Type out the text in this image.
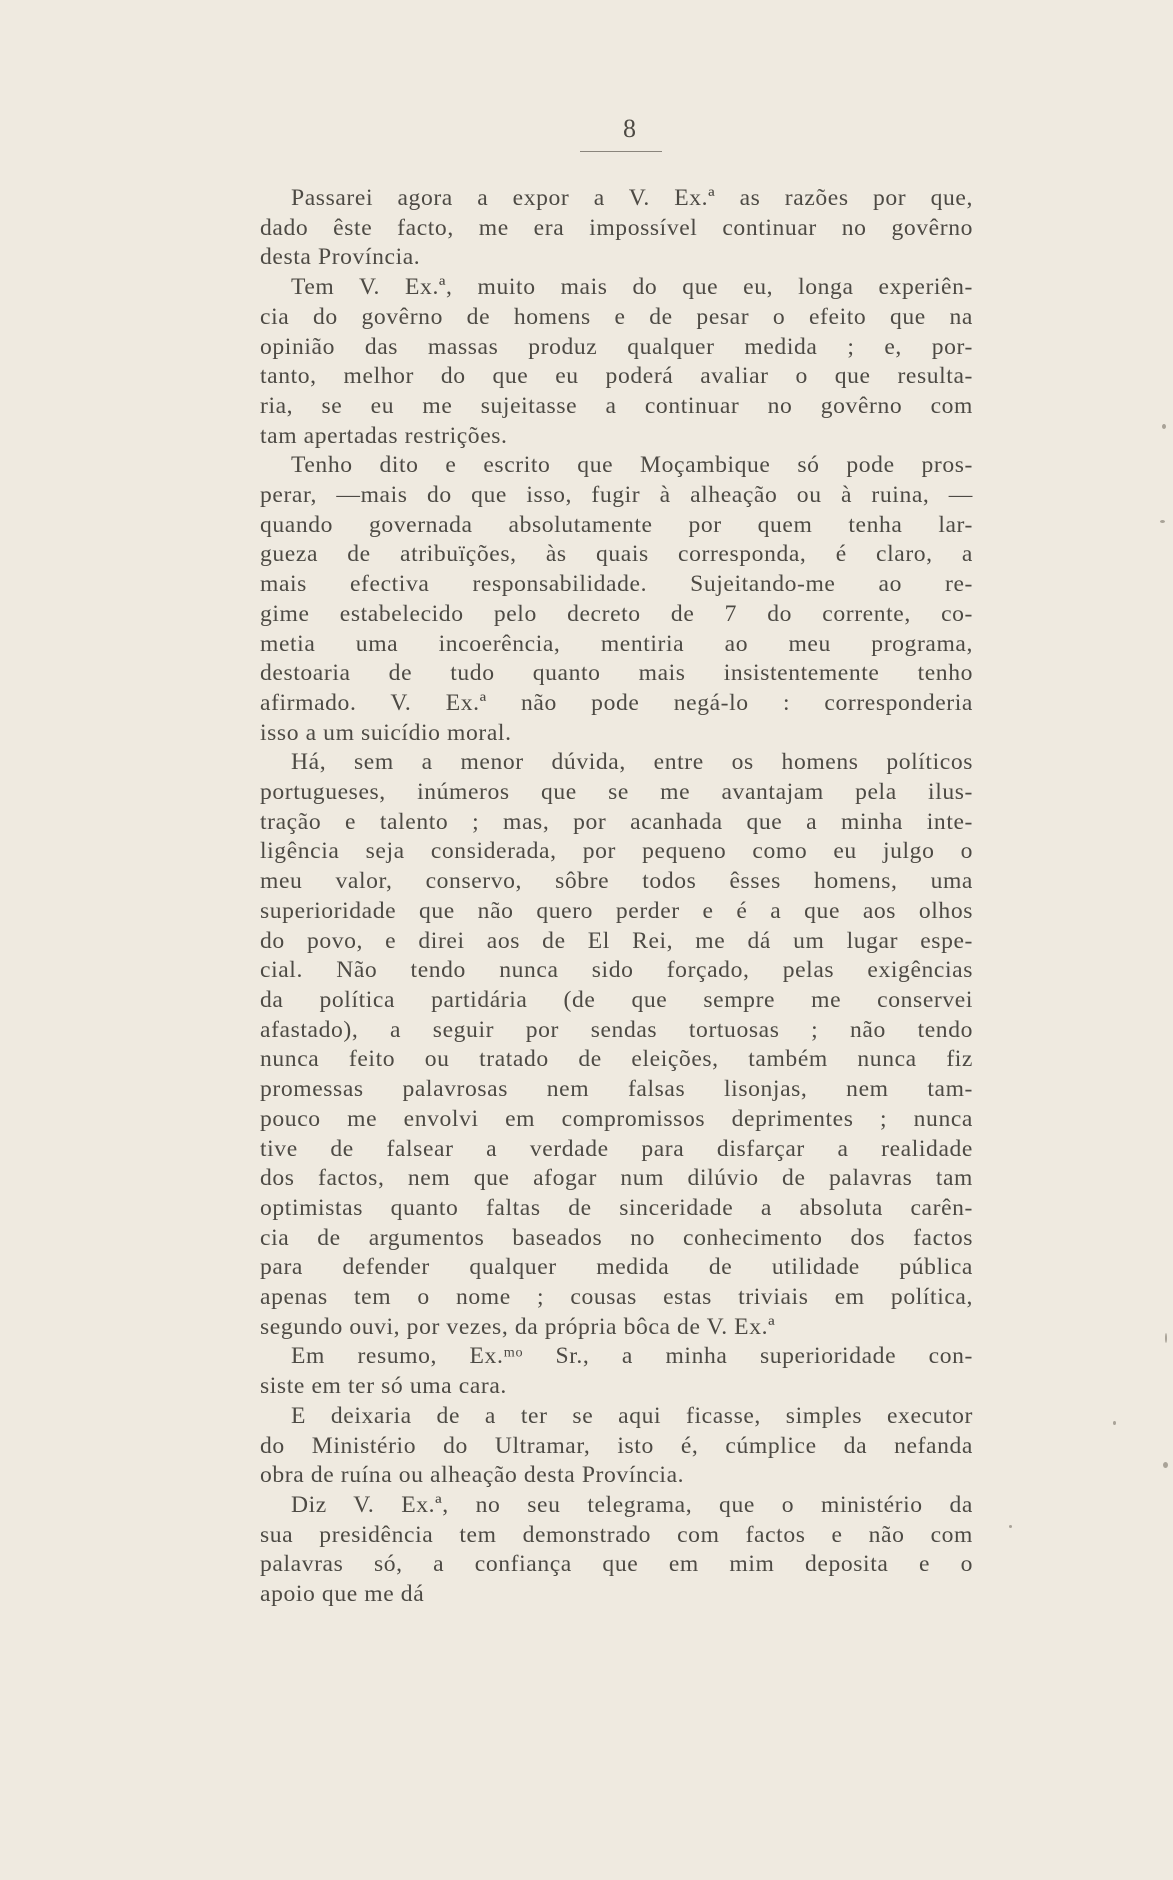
8
Passarei agora a expor a V. Ex.ª as razões por que,
dado êste facto, me era impossível continuar no govêrno
desta Província.
Tem V. Ex.ª, muito mais do que eu, longa experiên-
cia do govêrno de homens e de pesar o efeito que na
opinião das massas produz qualquer medida ; e, por-
tanto, melhor do que eu poderá avaliar o que resulta-
ria, se eu me sujeitasse a continuar no govêrno com
tam apertadas restrições.
Tenho dito e escrito que Moçambique só pode pros-
perar, —mais do que isso, fugir à alheação ou à ruina, —
quando governada absolutamente por quem tenha lar-
gueza de atribuïções, às quais corresponda, é claro, a
mais efectiva responsabilidade. Sujeitando-me ao re-
gime estabelecido pelo decreto de 7 do corrente, co-
metia uma incoerência, mentiria ao meu programa,
destoaria de tudo quanto mais insistentemente tenho
afirmado. V. Ex.ª não pode negá-lo : corresponderia
isso a um suicídio moral.
Há, sem a menor dúvida, entre os homens políticos
portugueses, inúmeros que se me avantajam pela ilus-
tração e talento ; mas, por acanhada que a minha inte-
ligência seja considerada, por pequeno como eu julgo o
meu valor, conservo, sôbre todos êsses homens, uma
superioridade que não quero perder e é a que aos olhos
do povo, e direi aos de El Rei, me dá um lugar espe-
cial. Não tendo nunca sido forçado, pelas exigências
da política partidária (de que sempre me conservei
afastado), a seguir por sendas tortuosas ; não tendo
nunca feito ou tratado de eleições, também nunca fiz
promessas palavrosas nem falsas lisonjas, nem tam-
pouco me envolvi em compromissos deprimentes ; nunca
tive de falsear a verdade para disfarçar a realidade
dos factos, nem que afogar num dilúvio de palavras tam
optimistas quanto faltas de sinceridade a absoluta carên-
cia de argumentos baseados no conhecimento dos factos
para defender qualquer medida de utilidade pública
apenas tem o nome ; cousas estas triviais em política,
segundo ouvi, por vezes, da própria bôca de V. Ex.ª
Em resumo, Ex.ᵐᵒ Sr., a minha superioridade con-
siste em ter só uma cara.
E deixaria de a ter se aqui ficasse, simples executor
do Ministério do Ultramar, isto é, cúmplice da nefanda
obra de ruína ou alheação desta Província.
Diz V. Ex.ª, no seu telegrama, que o ministério da
sua presidência tem demonstrado com factos e não com
palavras só, a confiança que em mim deposita e o
apoio que me dá
